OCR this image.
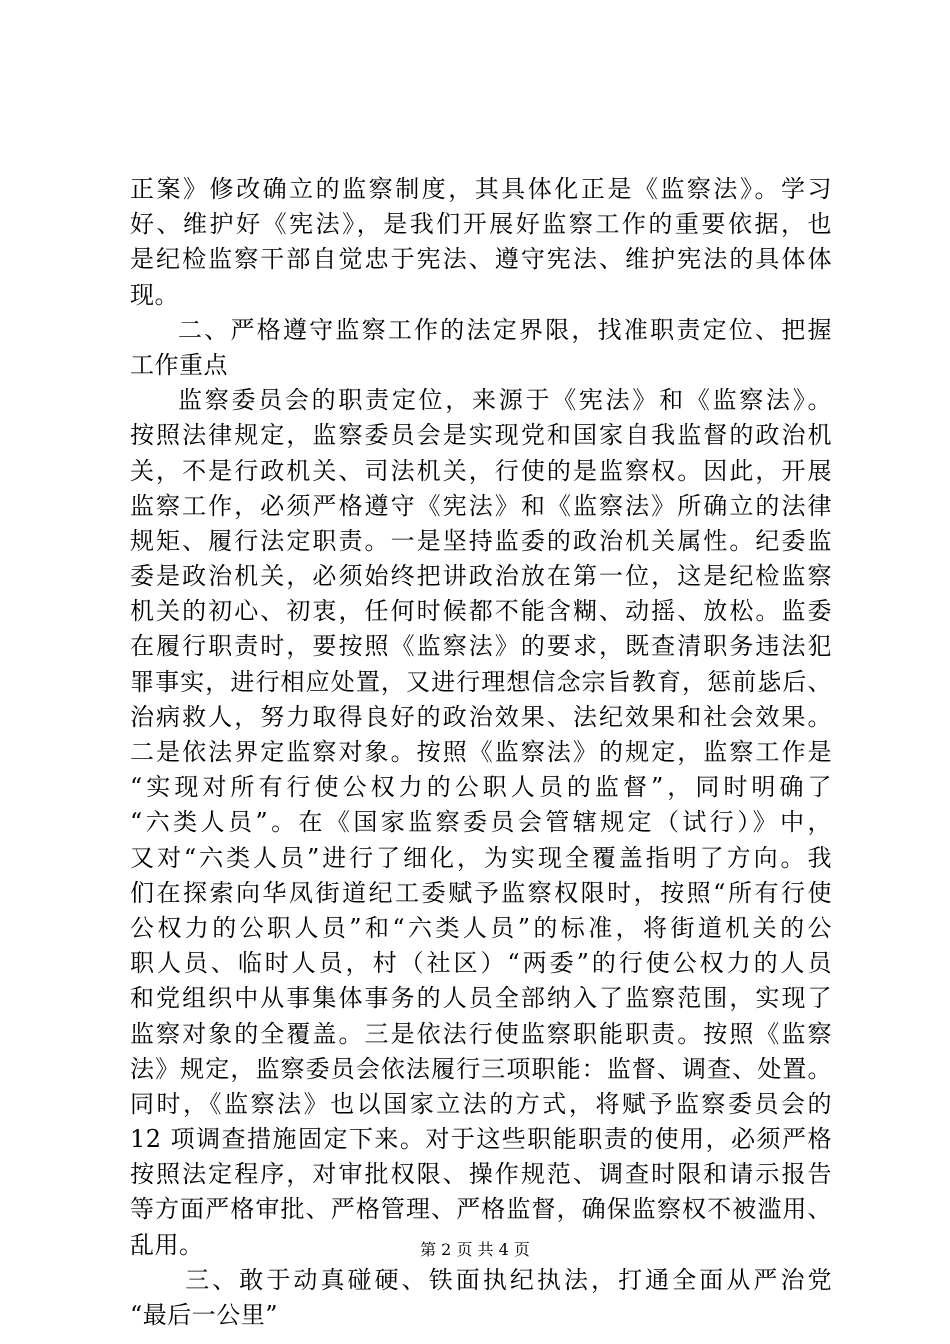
正案》修改确立的监察制度，其具体化正是《监察法》。学习
好、维护好《宪法》，是我们开展好监察工作的重要依据，也
是纪检监察干部自觉忠于宪法、遵守宪法、维护宪法的具体体
现。
二、严格遵守监察工作的法定界限，找准职责定位、把握
工作重点
监察委员会的职责定位，来源于《宪法》和《监察法》。
按照法律规定，监察委员会是实现党和国家自我监督的政治机
关，不是行政机关、司法机关，行使的是监察权。因此，开展
监察工作，必须严格遵守《宪法》和《监察法》所确立的法律
规矩、履行法定职责。一是坚持监委的政治机关属性。纪委监
委是政治机关，必须始终把讲政治放在第一位，这是纪检监察
机关的初心、初衷，任何时候都不能含糊、动摇、放松。监委
在履行职责时，要按照《监察法》的要求，既查清职务违法犯
罪事实，进行相应处置，又进行理想信念宗旨教育，惩前毖后、
治病救人，努力取得良好的政治效果、法纪效果和社会效果。
二是依法界定监察对象。按照《监察法》的规定，监察工作是
“实现对所有行使公权力的公职人员的监督”，同时明确了
“六类人员”。在《国家监察委员会管辖规定（试行）》中，
又对“六类人员”进行了细化，为实现全覆盖指明了方向。我
们在探索向华凤街道纪工委赋予监察权限时，按照“所有行使
公权力的公职人员”和“六类人员”的标准，将街道机关的公
职人员、临时人员，村（社区）“两委”的行使公权力的人员
和党组织中从事集体事务的人员全部纳入了监察范围，实现了
监察对象的全覆盖。三是依法行使监察职能职责。按照《监察
法》规定，监察委员会依法履行三项职能：监督、调查、处置。
同时，《监察法》也以国家立法的方式，将赋予监察委员会的
12 项调查措施固定下来。对于这些职能职责的使用，必须严格
按照法定程序，对审批权限、操作规范、调查时限和请示报告
等方面严格审批、严格管理、严格监督，确保监察权不被滥用、
乱用。
三、敢于动真碰硬、铁面执纪执法，打通全面从严治党
“最后一公里”
第 2 页 共 4 页
